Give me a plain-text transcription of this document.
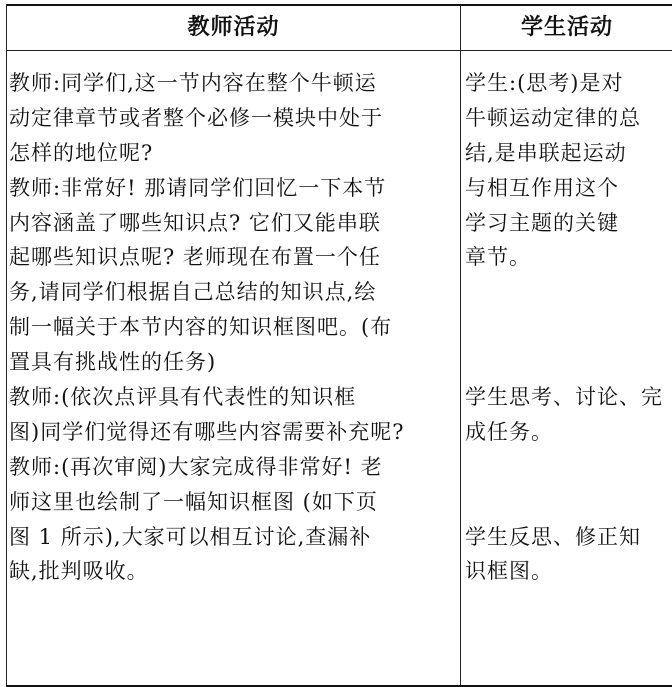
教师活动	学生活动
教师:同学们,这一节内容在整个牛顿运
动定律章节或者整个必修一模块中处于
怎样的地位呢?
教师:非常好! 那请同学们回忆一下本节
内容涵盖了哪些知识点? 它们又能串联
起哪些知识点呢? 老师现在布置一个任
务,请同学们根据自己总结的知识点,绘
制一幅关于本节内容的知识框图吧。(布
置具有挑战性的任务)
教师:(依次点评具有代表性的知识框
图)同学们觉得还有哪些内容需要补充呢?
教师:(再次审阅)大家完成得非常好! 老
师这里也绘制了一幅知识框图 (如下页
图 1 所示),大家可以相互讨论,查漏补
缺,批判吸收。
学生:(思考)是对
牛顿运动定律的总
结,是串联起运动
与相互作用这个
学习主题的关键
章节。
学生思考、讨论、完
成任务。
学生反思、修正知
识框图。
